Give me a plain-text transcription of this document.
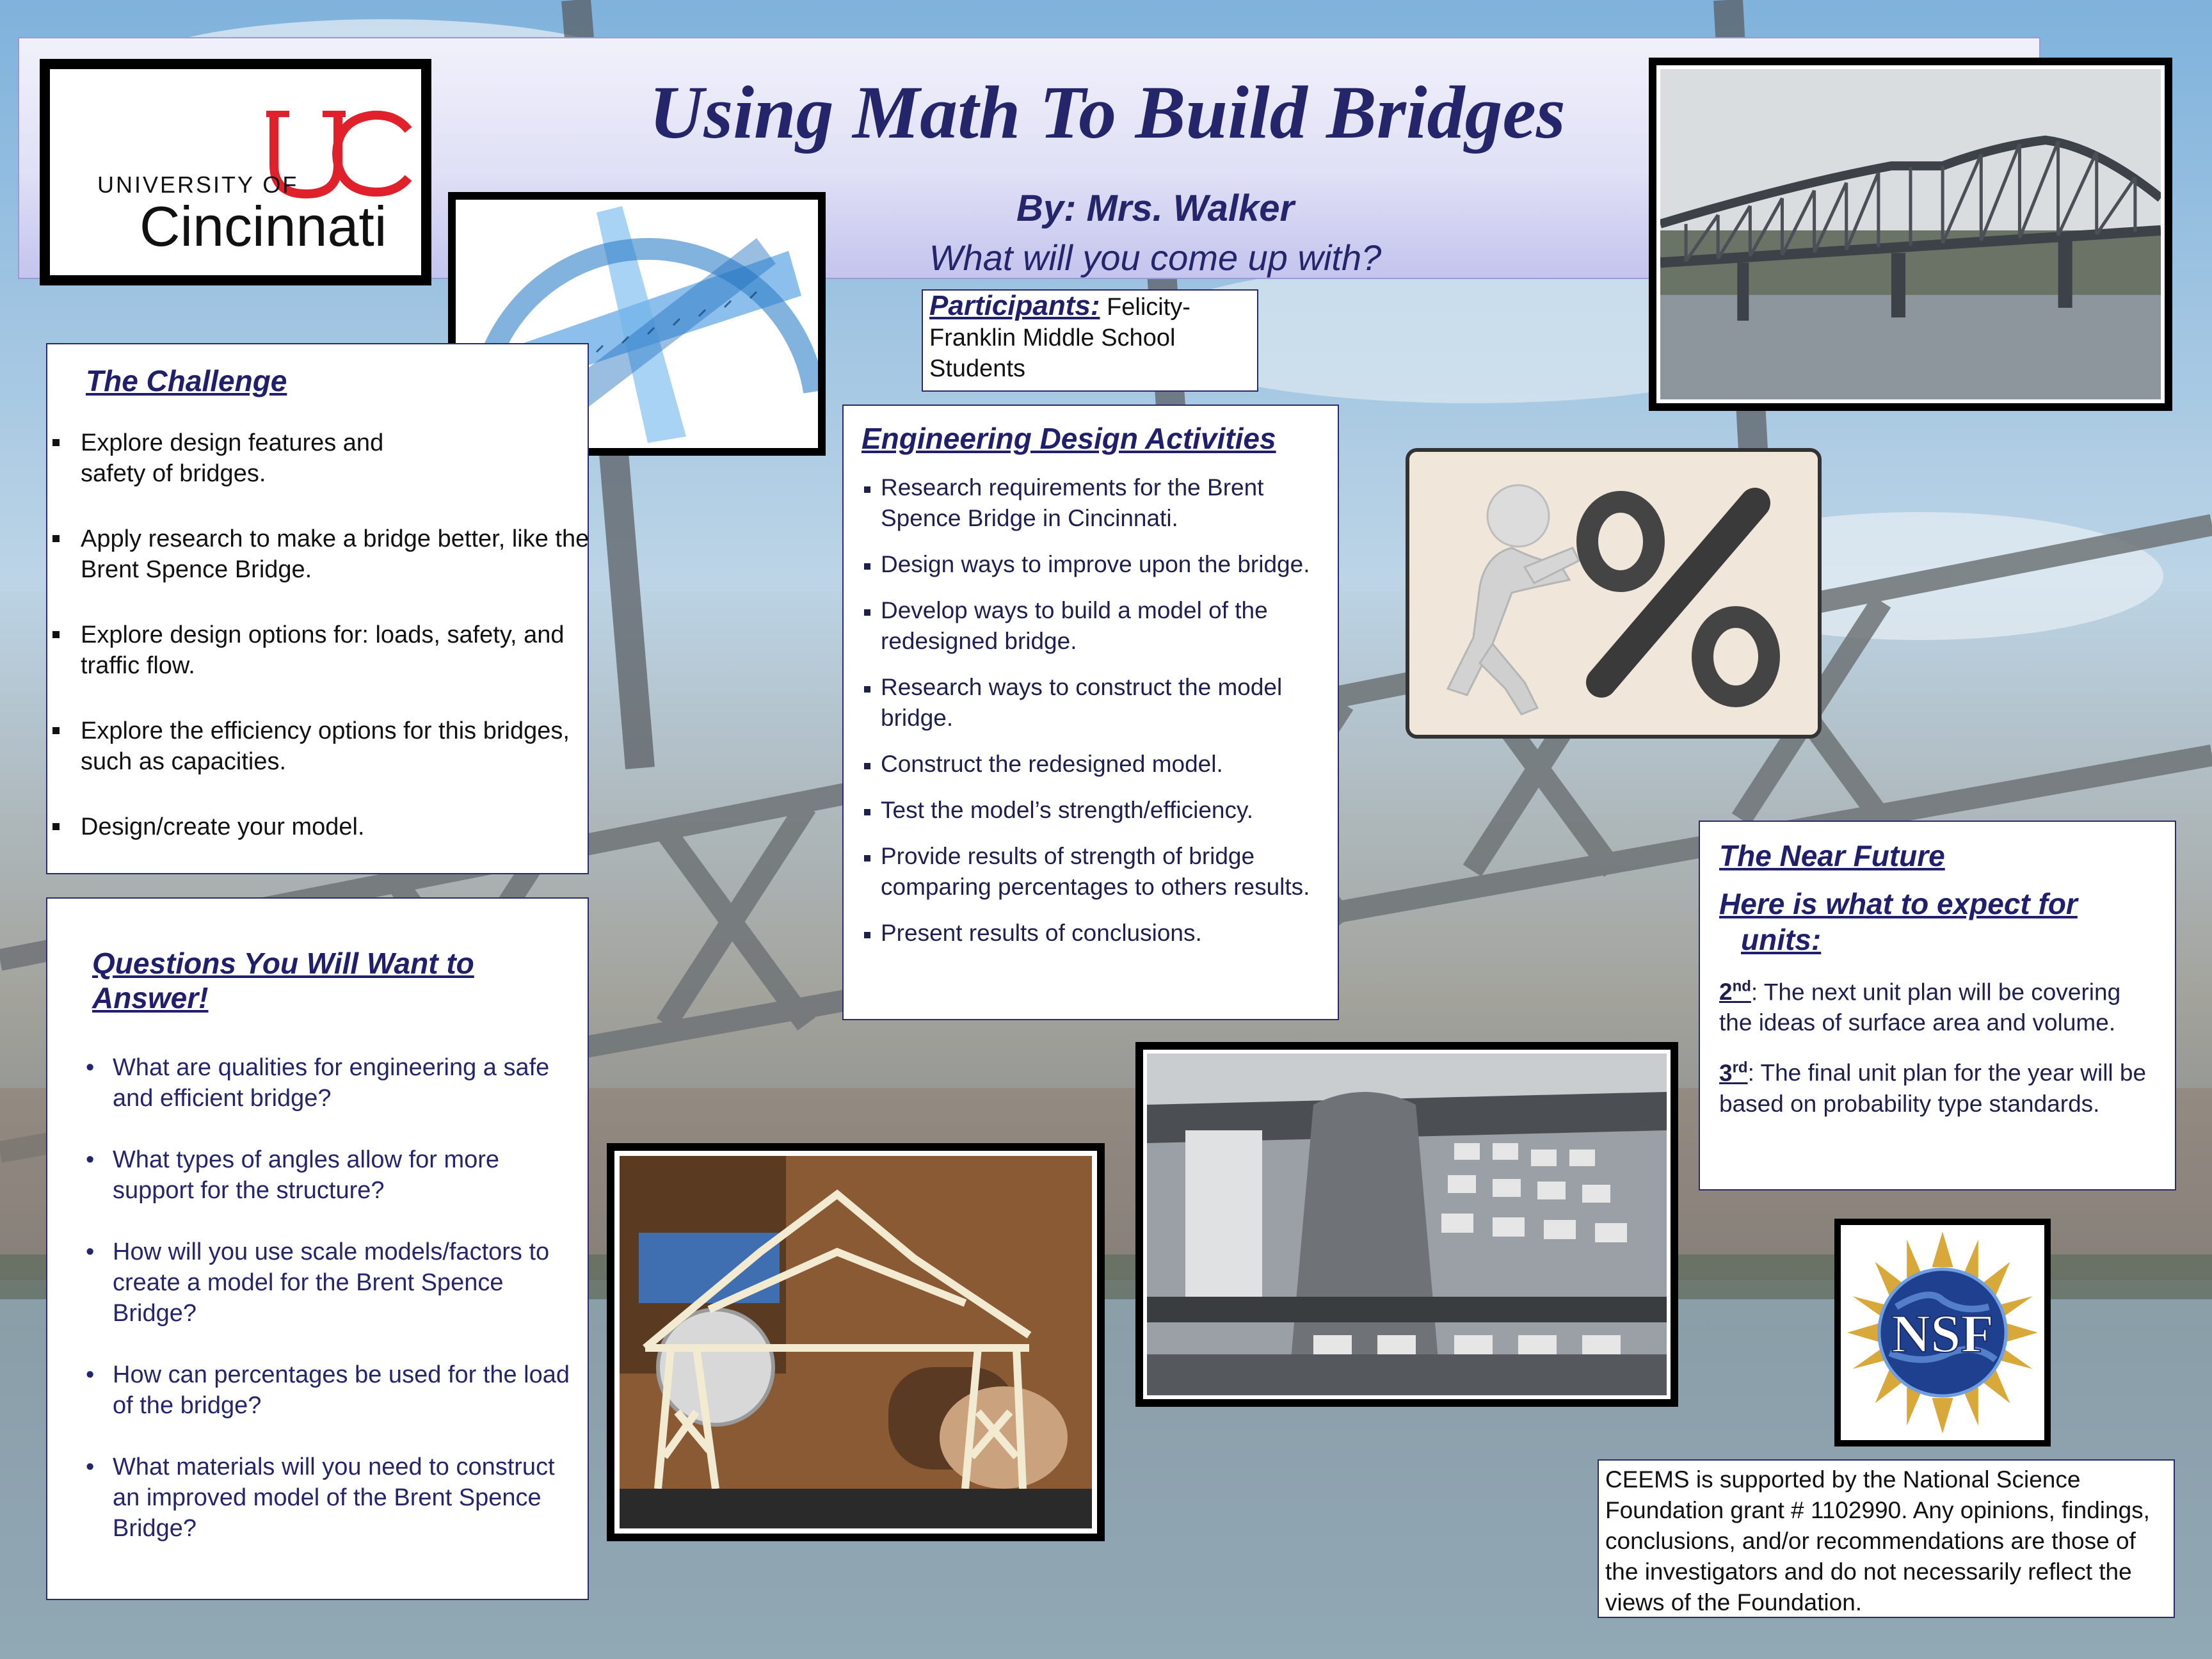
Using Math To Build Bridges
By: Mrs. Walker
What will you come up with?
UNIVERSITY OF
Cincinnati
Participants: Felicity-Franklin Middle School Students
The Challenge
Explore design features and
safety of bridges.
Apply research to make a bridge better, like the Brent Spence Bridge.
Explore design options for: loads, safety, and traffic flow.
Explore the efficiency options for this bridges, such as capacities.
Design/create your model.
Questions You Will Want to Answer!
• What are qualities for engineering a safe and efficient bridge?
• What types of angles allow for more support for the structure?
• How will you use scale models/factors to create a model for the Brent Spence Bridge?
• How can percentages be used for the load of the bridge?
• What materials will you need to construct an improved model of the Brent Spence Bridge?
Engineering Design Activities
Research requirements for the Brent Spence Bridge in Cincinnati.
Design ways to improve upon the bridge.
Develop ways to build a model of the redesigned bridge.
Research ways to construct the model bridge.
Construct the redesigned model.
Test the model’s strength/efficiency.
Provide results of strength of bridge comparing percentages to others results.
Present results of conclusions.
The Near Future
Here is what to expect for
units:

2nd: The next unit plan will be covering the ideas of surface area and volume.

3rd: The final unit plan for the year will be based on probability type standards.

NSF
CEEMS is supported by the National Science Foundation grant # 1102990. Any opinions, findings, conclusions, and/or recommendations are those of the investigators and do not necessarily reflect the views of the Foundation.
